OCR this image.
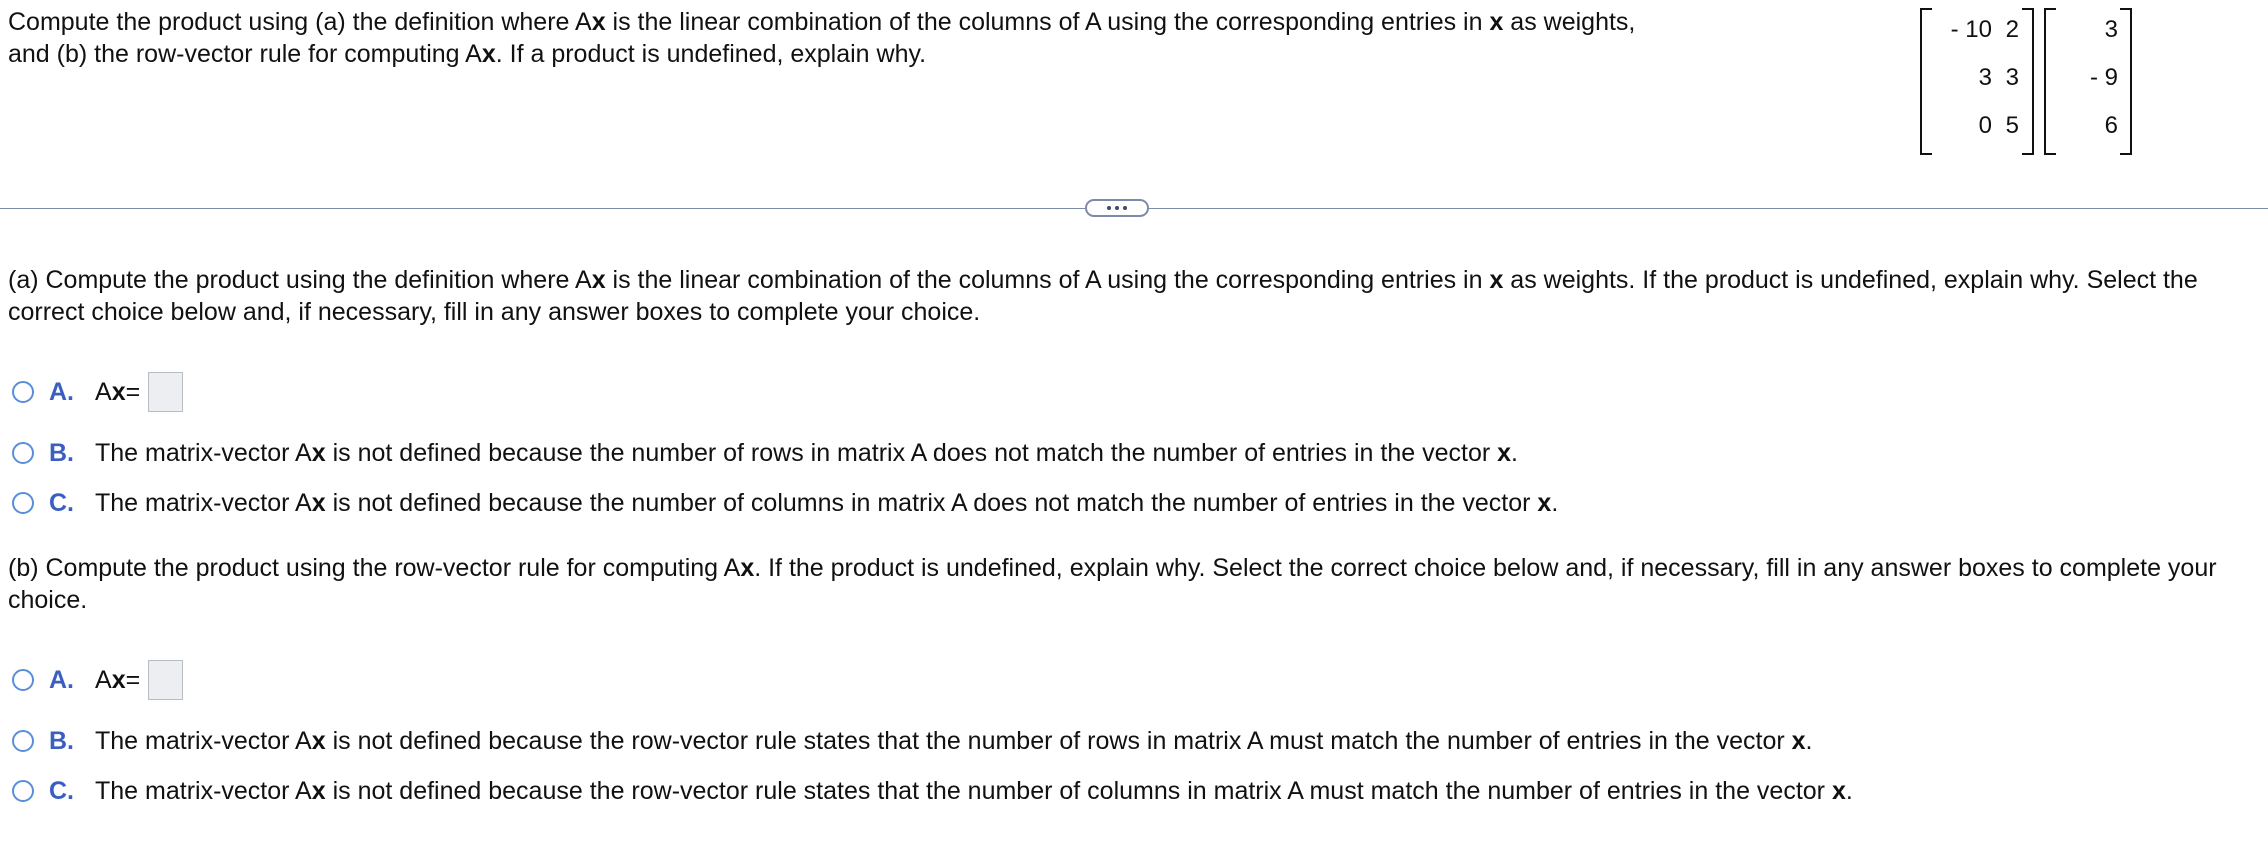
Compute the product using (a) the definition where Ax is the linear combination of the columns of A using the corresponding entries in x as weights,
and (b) the row-vector rule for computing Ax. If a product is undefined, explain why.
- 10 2
3 3
0 5
3
- 9
6
(a) Compute the product using the definition where Ax is the linear combination of the columns of A using the corresponding entries in x as weights. If the product is undefined, explain why. Select the correct choice below and, if necessary, fill in any answer boxes to complete your choice.
A. A x =
B. The matrix-vector Ax is not defined because the number of rows in matrix A does not match the number of entries in the vector x.
C. The matrix-vector Ax is not defined because the number of columns in matrix A does not match the number of entries in the vector x.
(b) Compute the product using the row-vector rule for computing Ax. If the product is undefined, explain why. Select the correct choice below and, if necessary, fill in any answer boxes to complete your choice.
A. A x =
B. The matrix-vector Ax is not defined because the row-vector rule states that the number of rows in matrix A must match the number of entries in the vector x.
C. The matrix-vector Ax is not defined because the row-vector rule states that the number of columns in matrix A must match the number of entries in the vector x.
